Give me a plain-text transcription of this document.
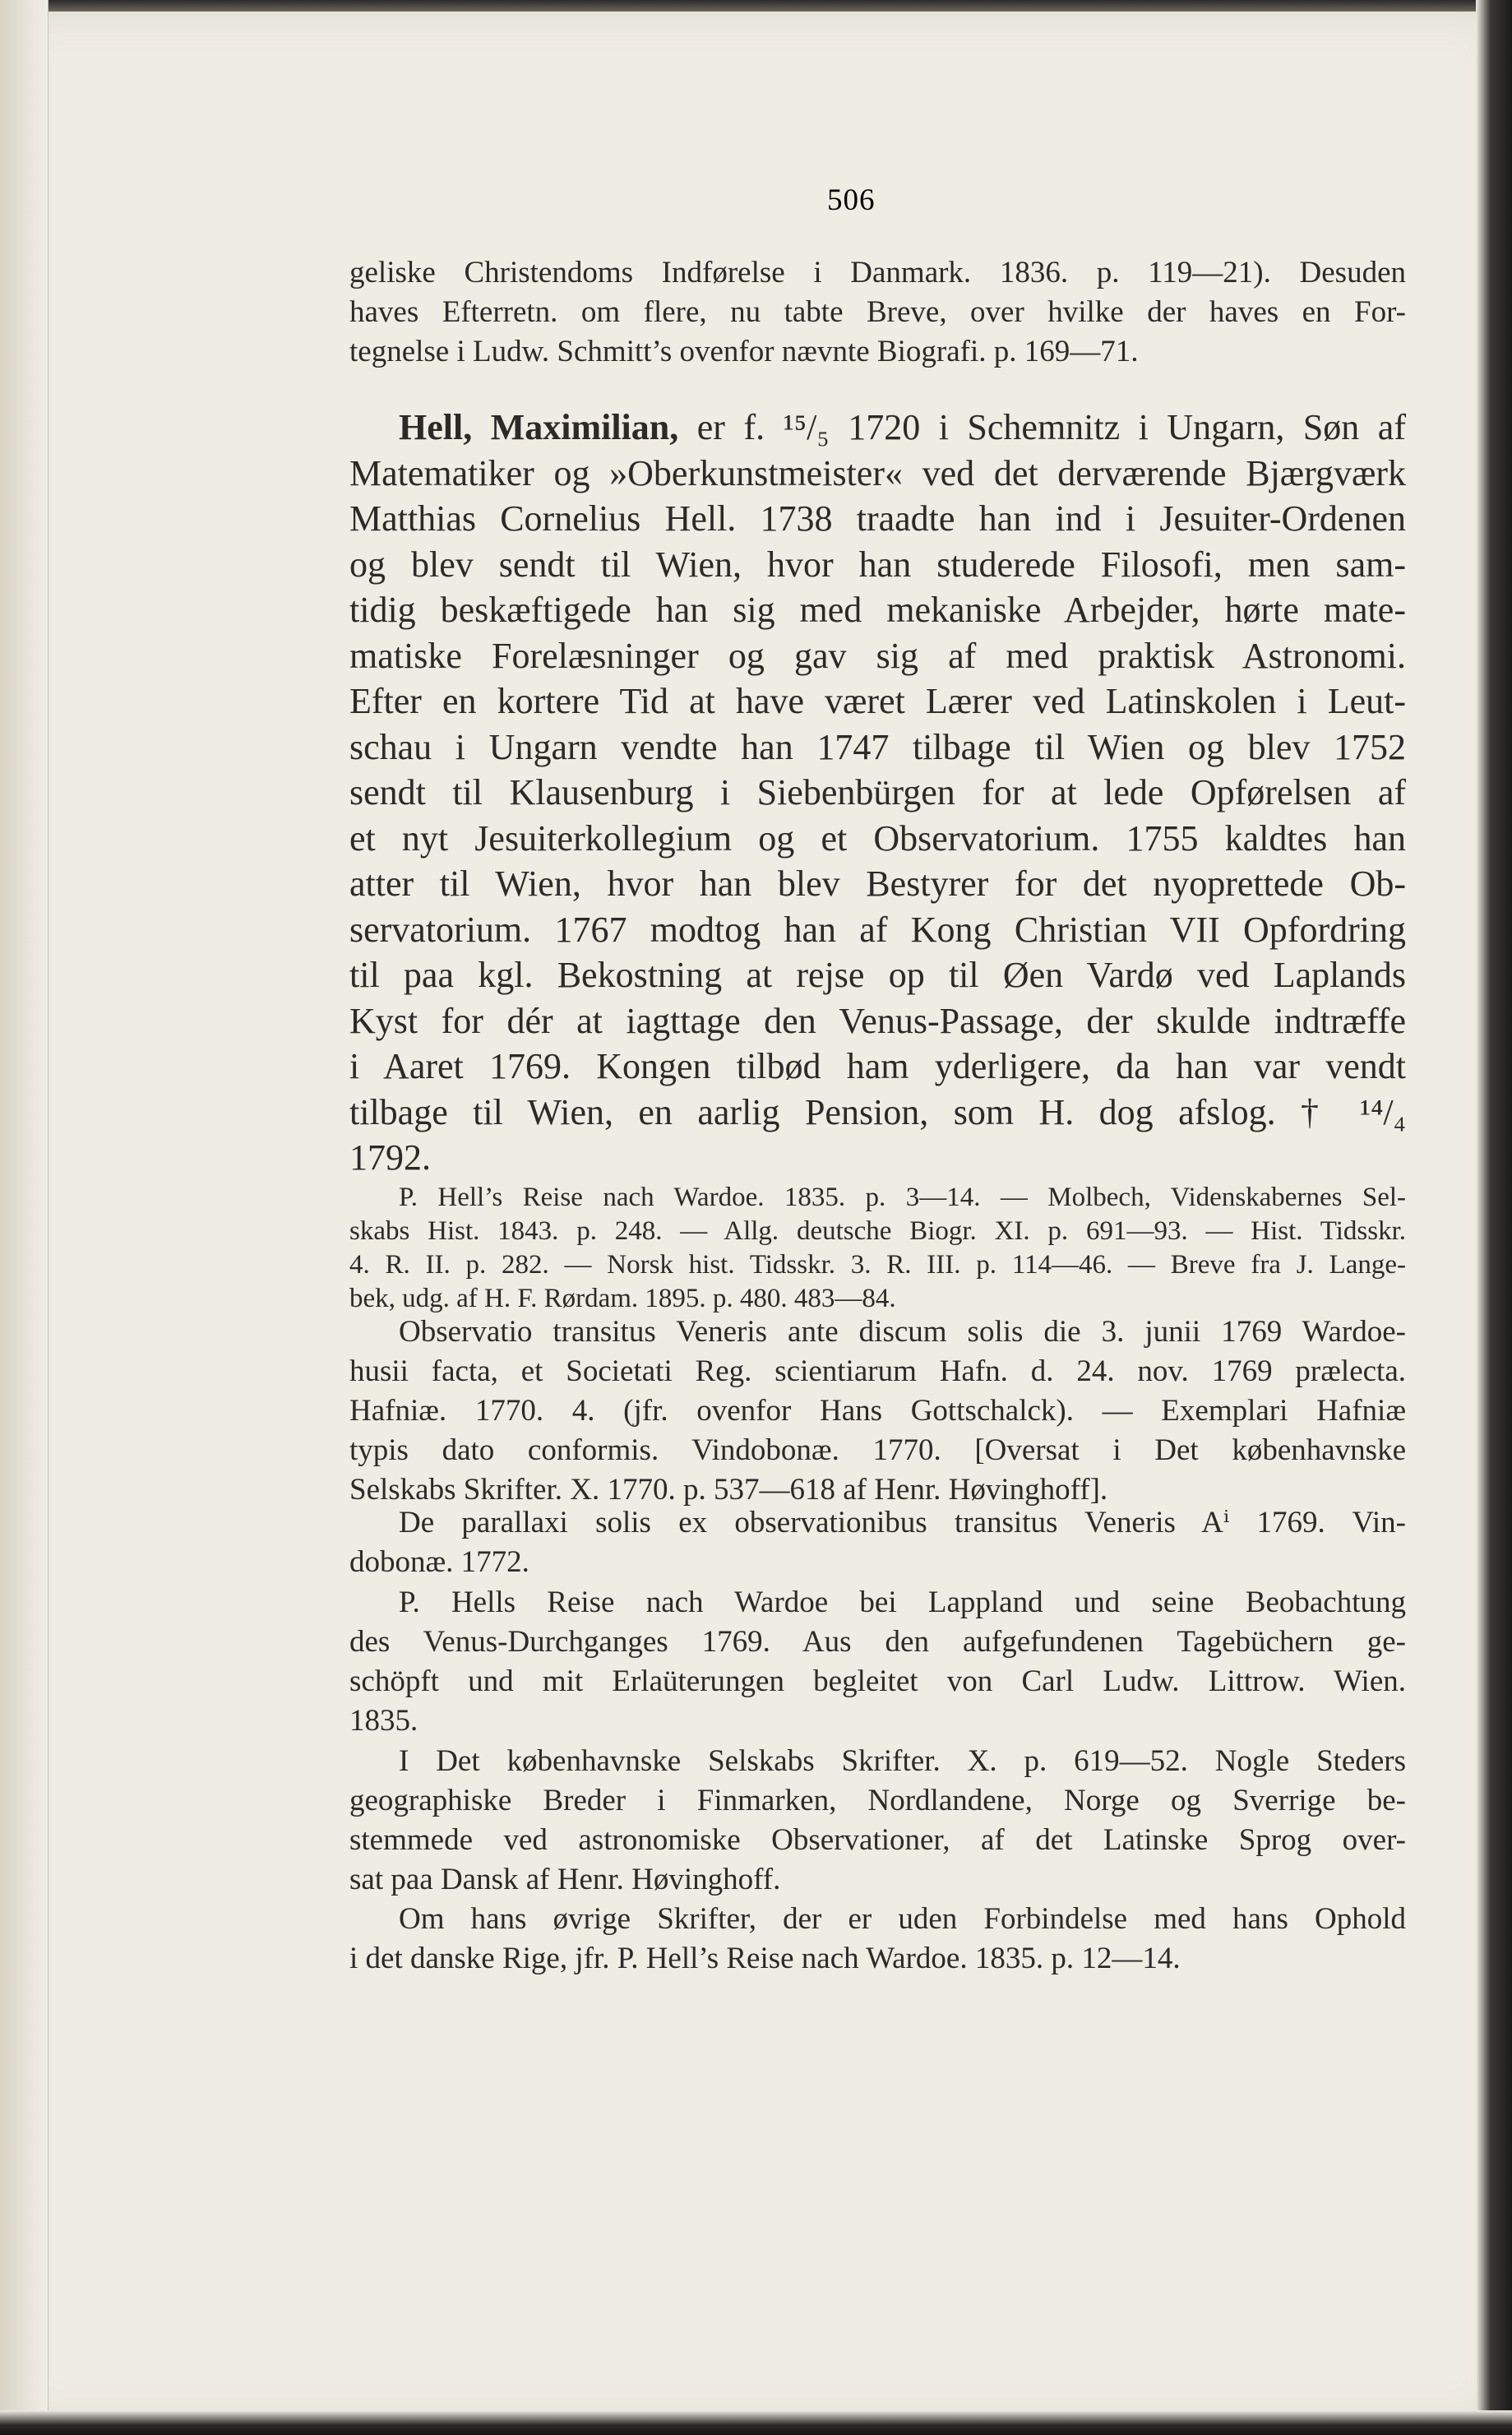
506
geliske Christendoms Indførelse i Danmark. 1836. p. 119—21). Desuden
haves Efterretn. om flere, nu tabte Breve, over hvilke der haves en For-
tegnelse i Ludw. Schmitt’s ovenfor nævnte Biografi. p. 169—71.
Hell, Maximilian, er f. ¹⁵/₅ 1720 i Schemnitz i Ungarn, Søn af
Matematiker og »Oberkunstmeister« ved det derværende Bjærgværk
Matthias Cornelius Hell. 1738 traadte han ind i Jesuiter-Ordenen
og blev sendt til Wien, hvor han studerede Filosofi, men sam-
tidig beskæftigede han sig med mekaniske Arbejder, hørte mate-
matiske Forelæsninger og gav sig af med praktisk Astronomi.
Efter en kortere Tid at have været Lærer ved Latinskolen i Leut-
schau i Ungarn vendte han 1747 tilbage til Wien og blev 1752
sendt til Klausenburg i Siebenbürgen for at lede Opførelsen af
et nyt Jesuiterkollegium og et Observatorium. 1755 kaldtes han
atter til Wien, hvor han blev Bestyrer for det nyoprettede Ob-
servatorium. 1767 modtog han af Kong Christian VII Opfordring
til paa kgl. Bekostning at rejse op til Øen Vardø ved Laplands
Kyst for dér at iagttage den Venus-Passage, der skulde indtræffe
i Aaret 1769. Kongen tilbød ham yderligere, da han var vendt
tilbage til Wien, en aarlig Pension, som H. dog afslog. † ¹⁴/₄
1792.
P. Hell’s Reise nach Wardoe. 1835. p. 3—14. — Molbech, Videnskabernes Sel-
skabs Hist. 1843. p. 248. — Allg. deutsche Biogr. XI. p. 691—93. — Hist. Tidsskr.
4. R. II. p. 282. — Norsk hist. Tidsskr. 3. R. III. p. 114—46. — Breve fra J. Lange-
bek, udg. af H. F. Rørdam. 1895. p. 480. 483—84.
Observatio transitus Veneris ante discum solis die 3. junii 1769 Wardoe-
husii facta, et Societati Reg. scientiarum Hafn. d. 24. nov. 1769 prælecta.
Hafniæ. 1770. 4. (jfr. ovenfor Hans Gottschalck). — Exemplari Hafniæ
typis dato conformis. Vindobonæ. 1770. [Oversat i Det københavnske
Selskabs Skrifter. X. 1770. p. 537—618 af Henr. Høvinghoff].
De parallaxi solis ex observationibus transitus Veneris Aⁱ 1769. Vin-
dobonæ. 1772.
P. Hells Reise nach Wardoe bei Lappland und seine Beobachtung
des Venus-Durchganges 1769. Aus den aufgefundenen Tagebüchern ge-
schöpft und mit Erlaüterungen begleitet von Carl Ludw. Littrow. Wien.
1835.
I Det københavnske Selskabs Skrifter. X. p. 619—52. Nogle Steders
geographiske Breder i Finmarken, Nordlandene, Norge og Sverrige be-
stemmede ved astronomiske Observationer, af det Latinske Sprog over-
sat paa Dansk af Henr. Høvinghoff.
Om hans øvrige Skrifter, der er uden Forbindelse med hans Ophold
i det danske Rige, jfr. P. Hell’s Reise nach Wardoe. 1835. p. 12—14.
